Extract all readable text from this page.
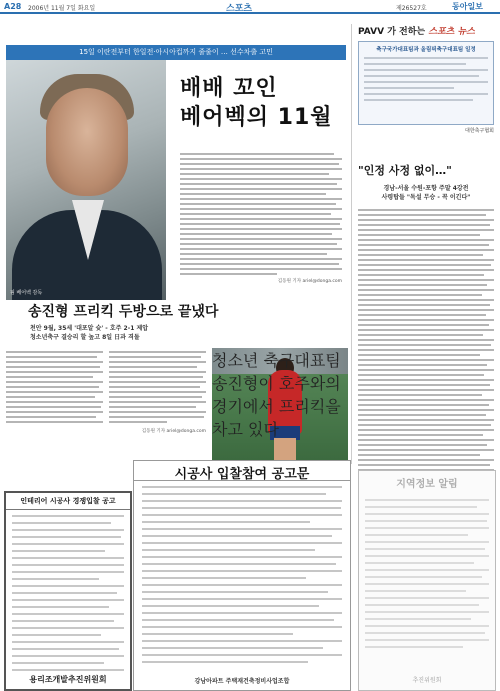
A28 2006년 11월 7일 화요일	스포츠	제26527호	동아일보
15일 이란전부터 한일전·아시아컵까지 줄줄이 … 선수차출 고민
핌 베어벡 감독
배배 꼬인
베어벡의 11월
김동원 기자 ariel@donga.com
PAVV 가 전하는 스포츠 뉴스
축구국가대표팀과 올림픽축구대표팀 일정
대한축구협회
"인정 사정 없이…"
경남-서울 수원-포항 주말 4강전
사령탑들 "독설 무승 - 꼭 이긴다"
송진형 프리킥 두방으로 끝냈다
천안 9월, 35세 '대포알 슛' - 호주 2-1 제압
청소년축구 결승리 할 높고 8일 日과 격돌
김동원 기자 ariel@donga.com
청소년 축구대표팀 송진형이 호주와의 경기에서 프리킥을 차고 있다
인테리어 시공사 경쟁입찰 공고
용리조개발추진위원회
시공사 입찰참여 공고문
강남아파트 주택재건축정비사업조합
지역정보 알림
추진위원회
